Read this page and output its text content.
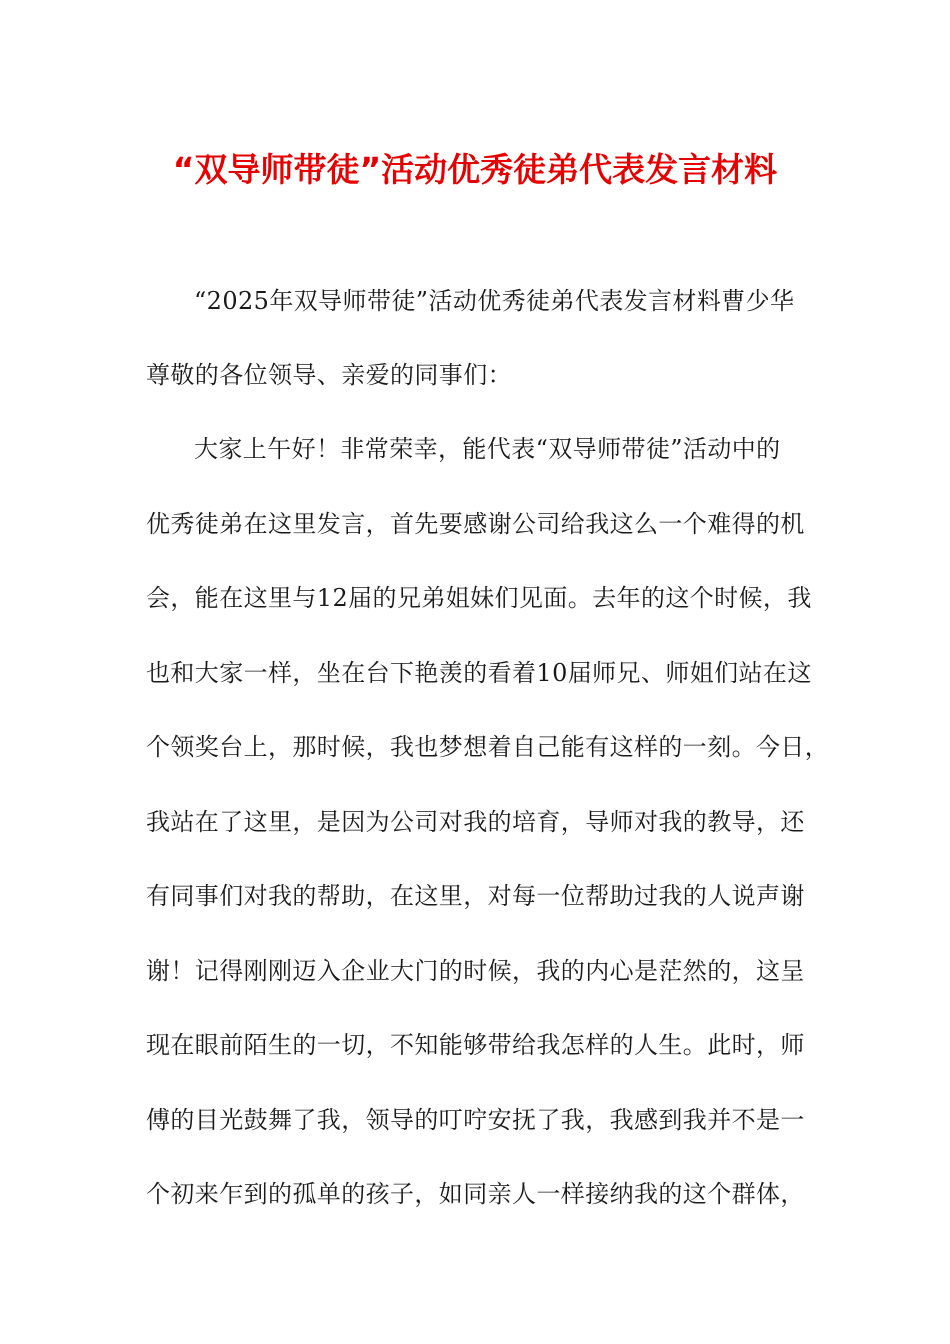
“双导师带徒”活动优秀徒弟代表发言材料
“2025年双导师带徒”活动优秀徒弟代表发言材料曹少华
尊敬的各位领导、亲爱的同事们：
大家上午好！非常荣幸，能代表“双导师带徒”活动中的
优秀徒弟在这里发言，首先要感谢公司给我这么一个难得的机
会，能在这里与12届的兄弟姐妹们见面。去年的这个时候，我
也和大家一样，坐在台下艳羡的看着10届师兄、师姐们站在这
个领奖台上，那时候，我也梦想着自己能有这样的一刻。今日，
我站在了这里，是因为公司对我的培育，导师对我的教导，还
有同事们对我的帮助，在这里，对每一位帮助过我的人说声谢
谢！记得刚刚迈入企业大门的时候，我的内心是茫然的，这呈
现在眼前陌生的一切，不知能够带给我怎样的人生。此时，师
傅的目光鼓舞了我，领导的叮咛安抚了我，我感到我并不是一
个初来乍到的孤单的孩子，如同亲人一样接纳我的这个群体，
